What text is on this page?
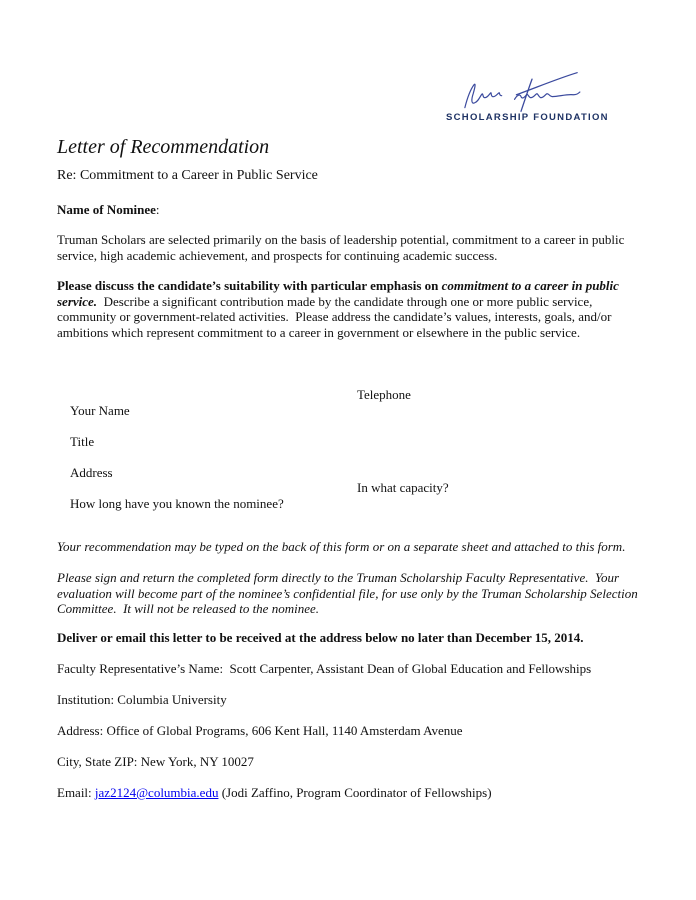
SCHOLARSHIP FOUNDATION
Letter of Recommendation
Re: Commitment to a Career in Public Service
Name of Nominee:

Truman Scholars are selected primarily on the basis of leadership potential, commitment to a career in public service, high academic achievement, and prospects for continuing academic success.

Please discuss the candidate’s suitability with particular emphasis on commitment to a career in public service.  Describe a significant contribution made by the candidate through one or more public service, community or government-related activities.  Please address the candidate’s values, interests, goals, and/or ambitions which represent commitment to a career in government or elsewhere in the public service.

Your Name

Telephone

Title

Address

How long have you known the nominee?

In what capacity?

Your recommendation may be typed on the back of this form or on a separate sheet and attached to this form.

Please sign and return the completed form directly to the Truman Scholarship Faculty Representative.  Your evaluation will become part of the nominee’s confidential file, for use only by the Truman Scholarship Selection Committee.  It will not be released to the nominee.

Deliver or email this letter to be received at the address below no later than December 15, 2014.

Faculty Representative’s Name:  Scott Carpenter, Assistant Dean of Global Education and Fellowships

Institution: Columbia University

Address: Office of Global Programs, 606 Kent Hall, 1140 Amsterdam Avenue

City, State ZIP: New York, NY 10027

Email: jaz2124@columbia.edu (Jodi Zaffino, Program Coordinator of Fellowships)
